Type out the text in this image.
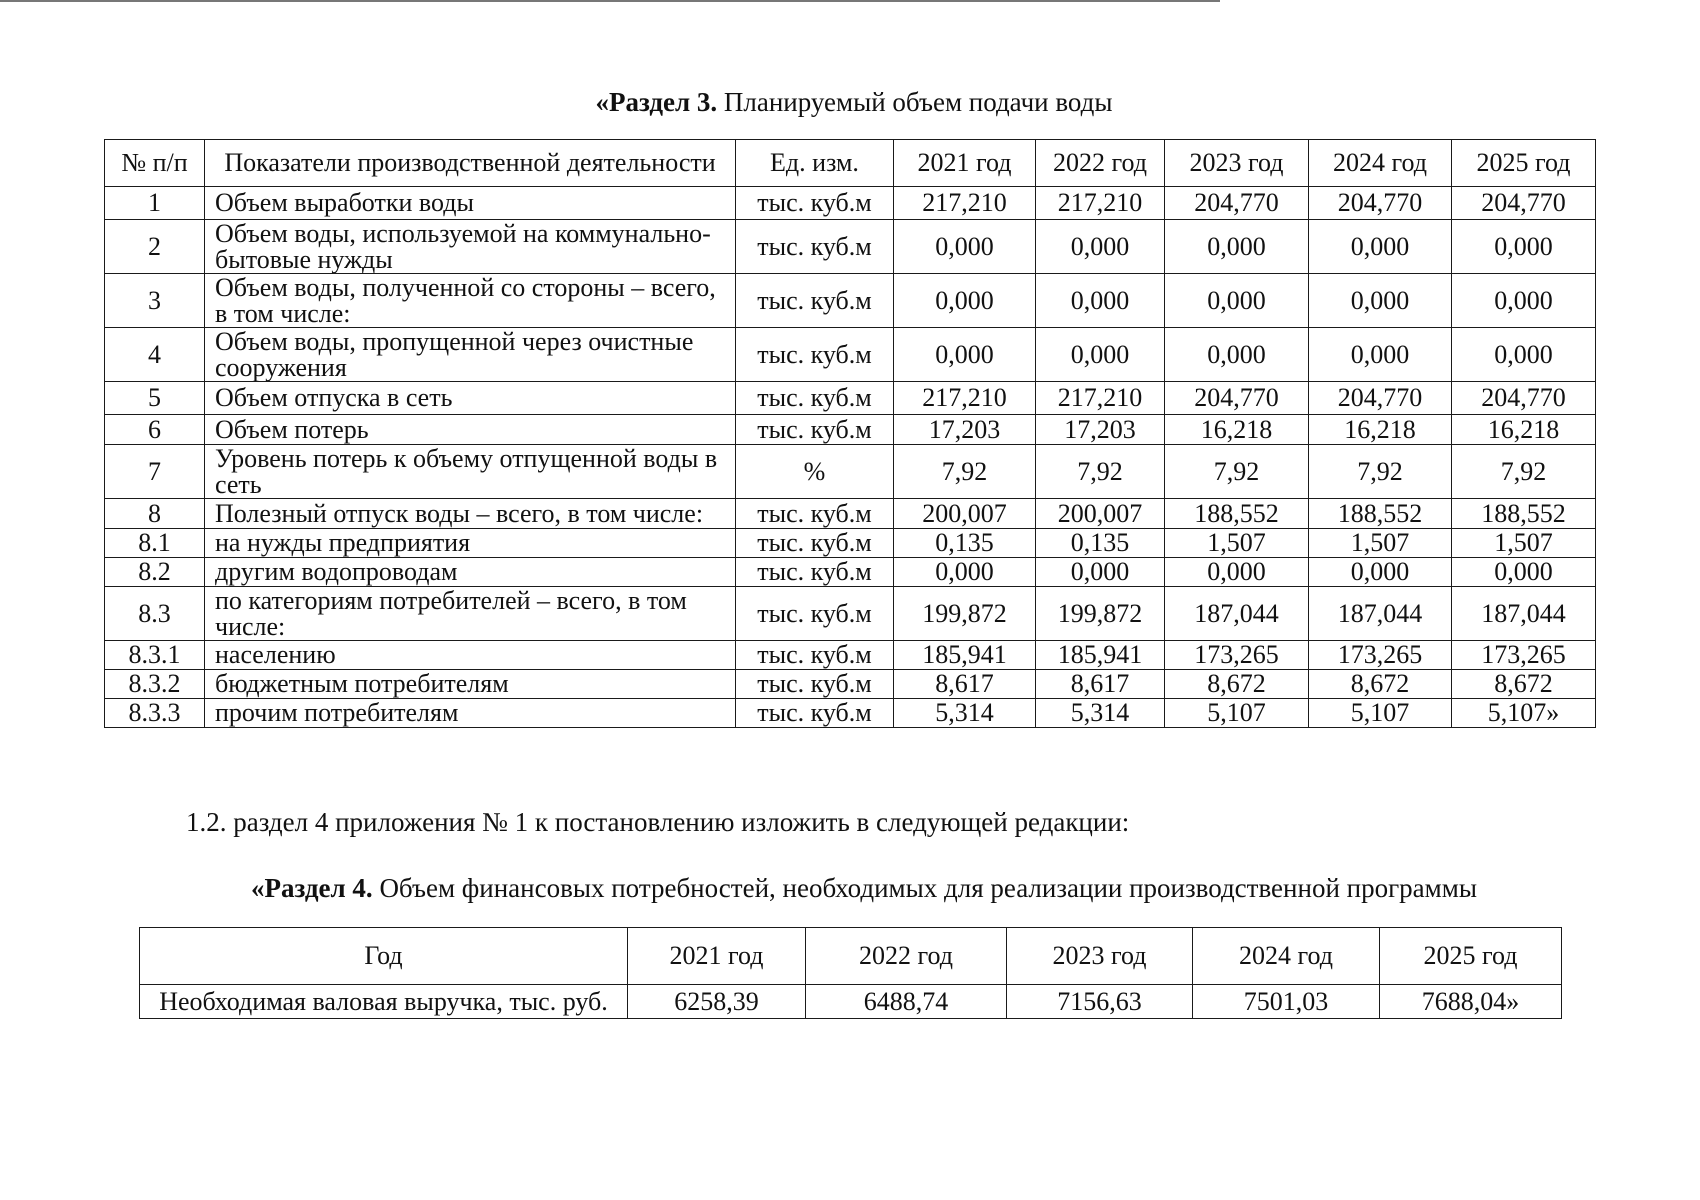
«Раздел 3. Планируемый объем подачи воды
№ п/п	Показатели производственной деятельности	Ед. изм.	2021 год	2022 год	2023 год	2024 год	2025 год
1	Объем выработки воды	тыс. куб.м	217,210	217,210	204,770	204,770	204,770
2	Объем воды, используемой на коммунально-бытовые нужды	тыс. куб.м	0,000	0,000	0,000	0,000	0,000
3	Объем воды, полученной со стороны – всего, в том числе:	тыс. куб.м	0,000	0,000	0,000	0,000	0,000
4	Объем воды, пропущенной через очистные сооружения	тыс. куб.м	0,000	0,000	0,000	0,000	0,000
5	Объем отпуска в сеть	тыс. куб.м	217,210	217,210	204,770	204,770	204,770
6	Объем потерь	тыс. куб.м	17,203	17,203	16,218	16,218	16,218
7	Уровень потерь к объему отпущенной воды в сеть	%	7,92	7,92	7,92	7,92	7,92
8	Полезный отпуск воды – всего, в том числе:	тыс. куб.м	200,007	200,007	188,552	188,552	188,552
8.1	на нужды предприятия	тыс. куб.м	0,135	0,135	1,507	1,507	1,507
8.2	другим водопроводам	тыс. куб.м	0,000	0,000	0,000	0,000	0,000
8.3	по категориям потребителей – всего, в том числе:	тыс. куб.м	199,872	199,872	187,044	187,044	187,044
8.3.1	населению	тыс. куб.м	185,941	185,941	173,265	173,265	173,265
8.3.2	бюджетным потребителям	тыс. куб.м	8,617	8,617	8,672	8,672	8,672
8.3.3	прочим потребителям	тыс. куб.м	5,314	5,314	5,107	5,107	5,107»
1.2. раздел 4 приложения № 1 к постановлению изложить в следующей редакции:
«Раздел 4. Объем финансовых потребностей, необходимых для реализации производственной программы
Год	2021 год	2022 год	2023 год	2024 год	2025 год
Необходимая валовая выручка, тыс. руб.	6258,39	6488,74	7156,63	7501,03	7688,04»
